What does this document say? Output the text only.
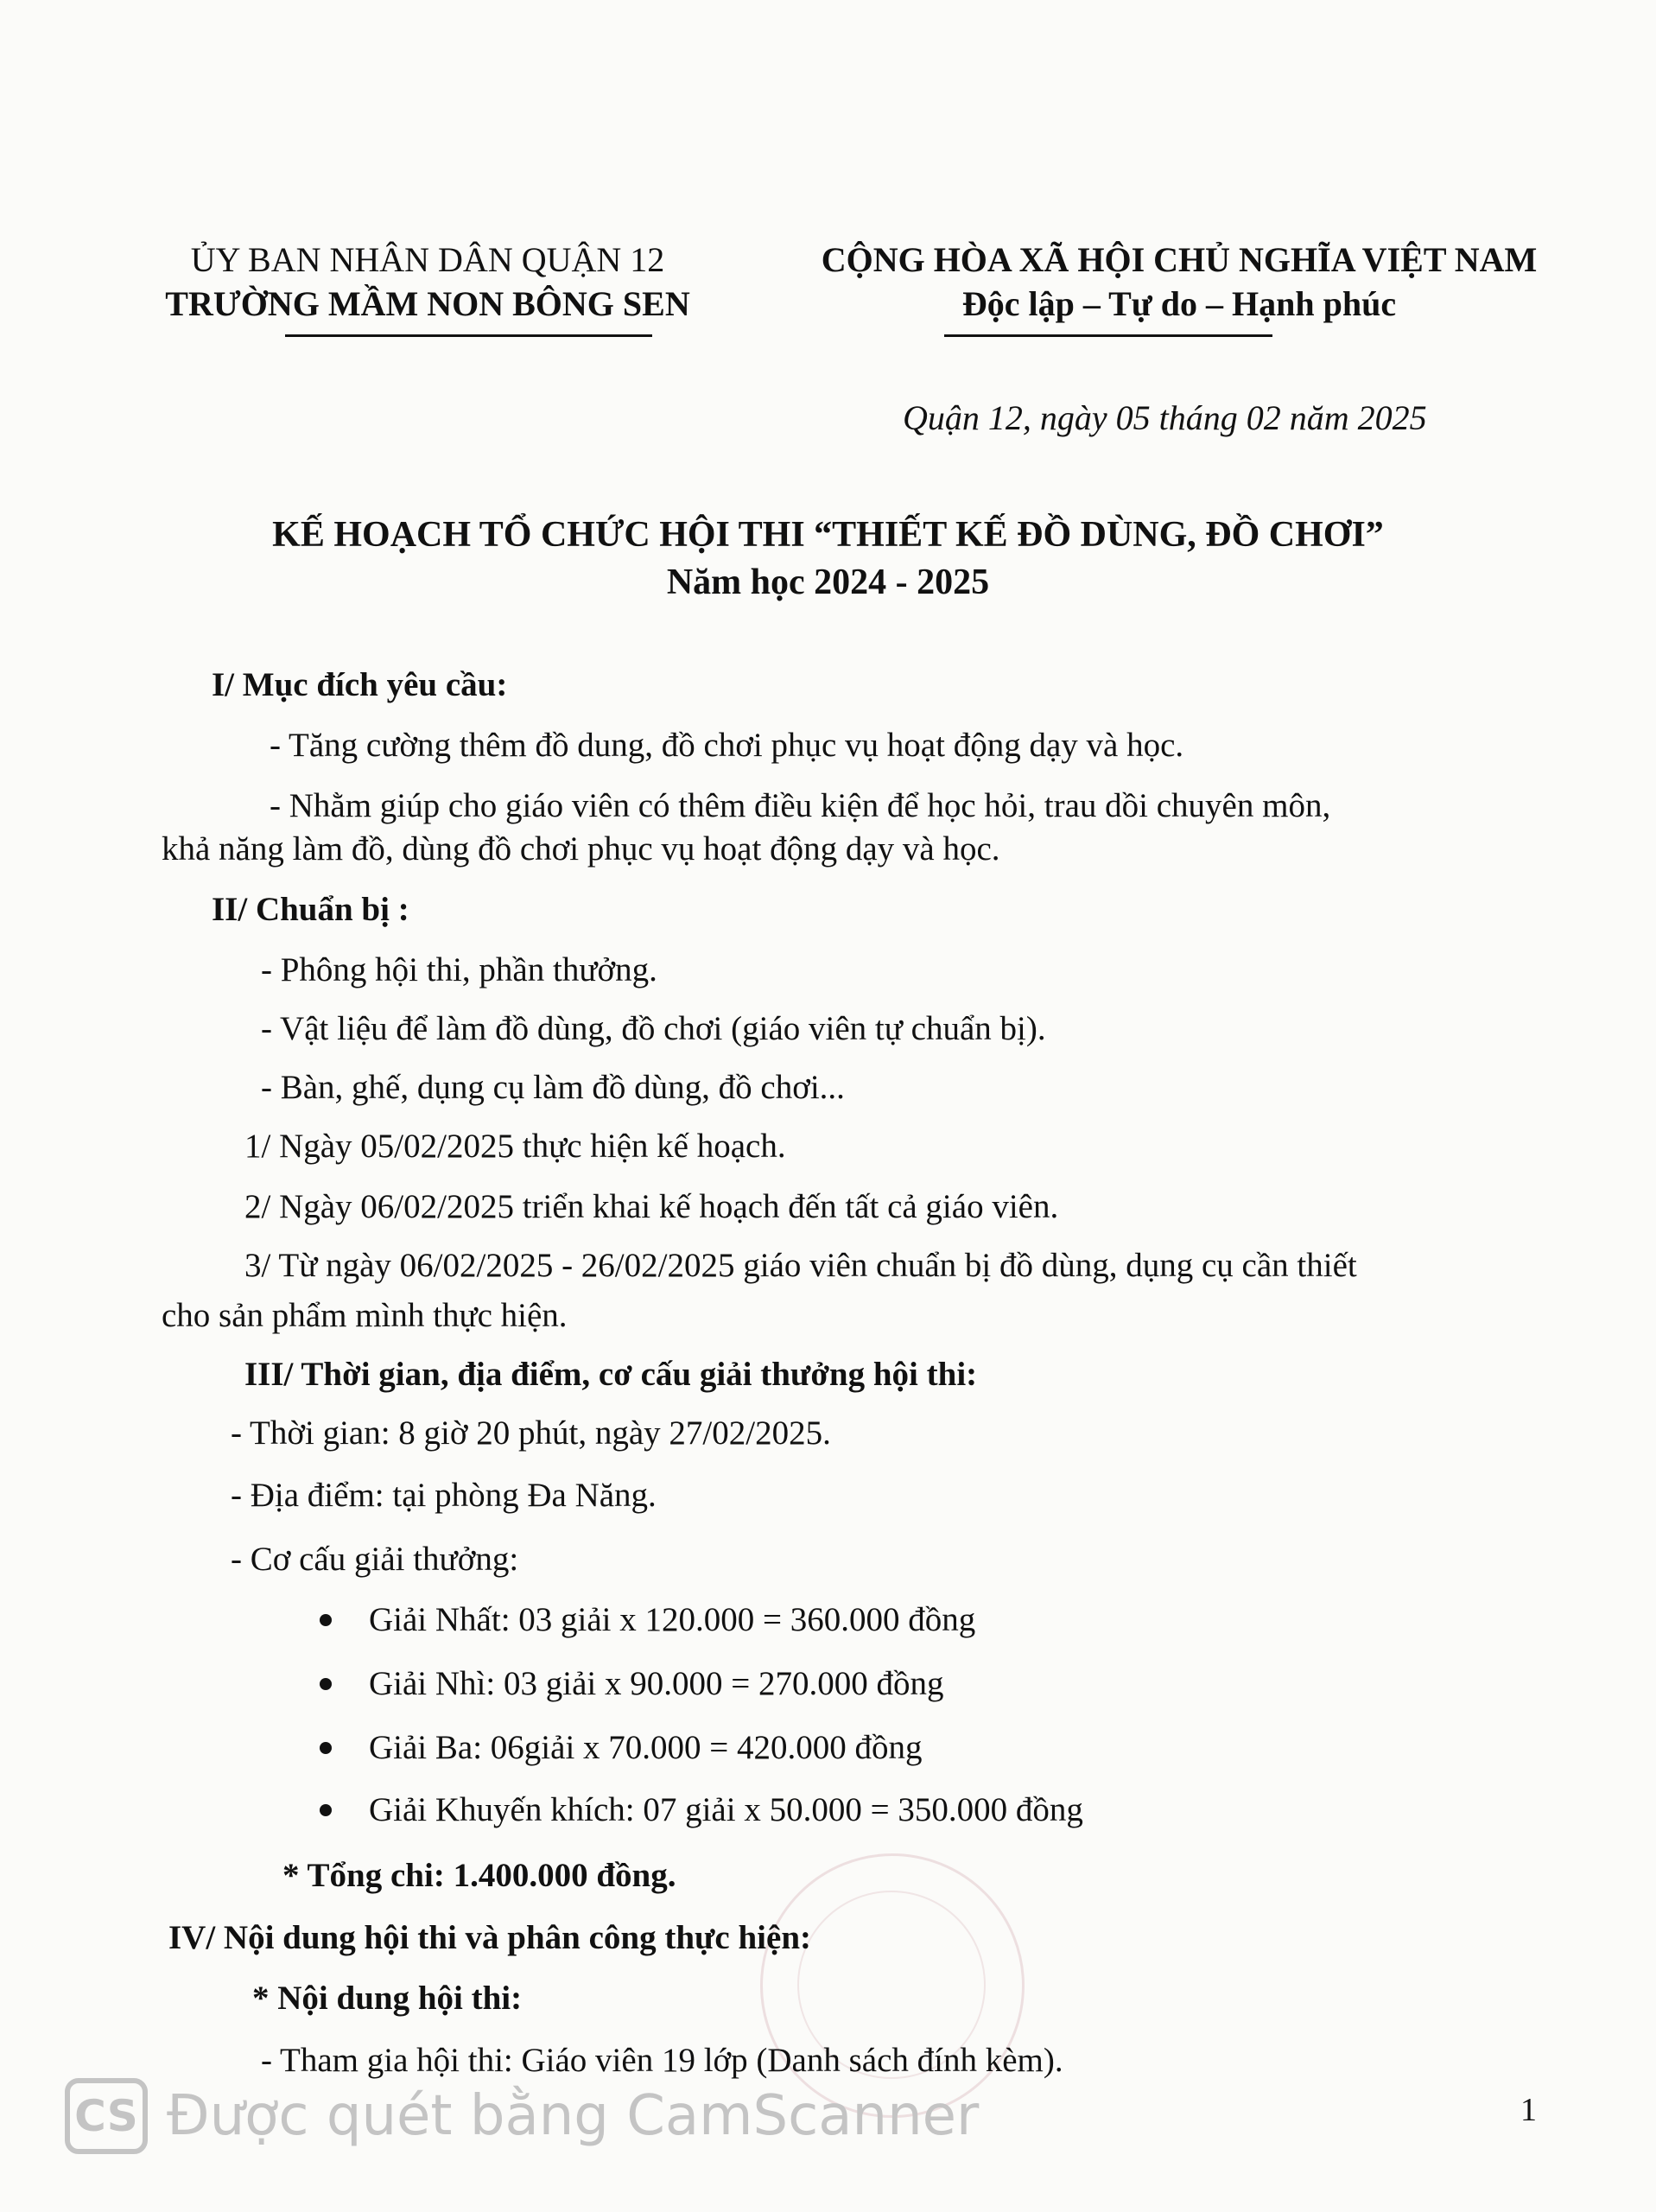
ỦY BAN NHÂN DÂN QUẬN 12
TRƯỜNG MẦM NON BÔNG SEN
CỘNG HÒA XÃ HỘI CHỦ NGHĨA VIỆT NAM
Độc lập – Tự do – Hạnh phúc
Quận 12, ngày 05 tháng 02 năm 2025
KẾ HOẠCH TỔ CHỨC HỘI THI “THIẾT KẾ ĐỒ DÙNG, ĐỒ CHƠI”
Năm học 2024 - 2025
I/ Mục đích yêu cầu:
- Tăng cường thêm đồ dung, đồ chơi phục vụ hoạt động dạy và học.
- Nhằm giúp cho giáo viên có thêm điều kiện để học hỏi, trau dồi chuyên môn,
khả năng làm đồ, dùng đồ chơi phục vụ hoạt động dạy và học.
II/ Chuẩn bị :
- Phông hội thi, phần thưởng.
- Vật liệu để làm đồ dùng, đồ chơi (giáo viên tự chuẩn bị).
- Bàn, ghế, dụng cụ làm đồ dùng, đồ chơi...
1/ Ngày 05/02/2025 thực hiện kế hoạch.
2/ Ngày 06/02/2025 triển khai kế hoạch đến tất cả giáo viên.
3/ Từ ngày 06/02/2025 - 26/02/2025 giáo viên chuẩn bị đồ dùng, dụng cụ cần thiết
cho sản phẩm mình thực hiện.
III/ Thời gian, địa điểm, cơ cấu giải thưởng hội thi:
- Thời gian: 8 giờ 20 phút, ngày 27/02/2025.
- Địa điểm: tại phòng Đa Năng.
- Cơ cấu giải thưởng:
Giải Nhất: 03 giải x 120.000 = 360.000 đồng
Giải Nhì: 03 giải x 90.000 = 270.000 đồng
Giải Ba: 06giải x 70.000 = 420.000 đồng
Giải Khuyến khích: 07 giải x 50.000 = 350.000 đồng
* Tổng chi: 1.400.000 đồng.
IV/ Nội dung hội thi và phân công thực hiện:
* Nội dung hội thi:
- Tham gia hội thi: Giáo viên 19 lớp (Danh sách đính kèm).
CS Được quét bằng CamScanner	1
